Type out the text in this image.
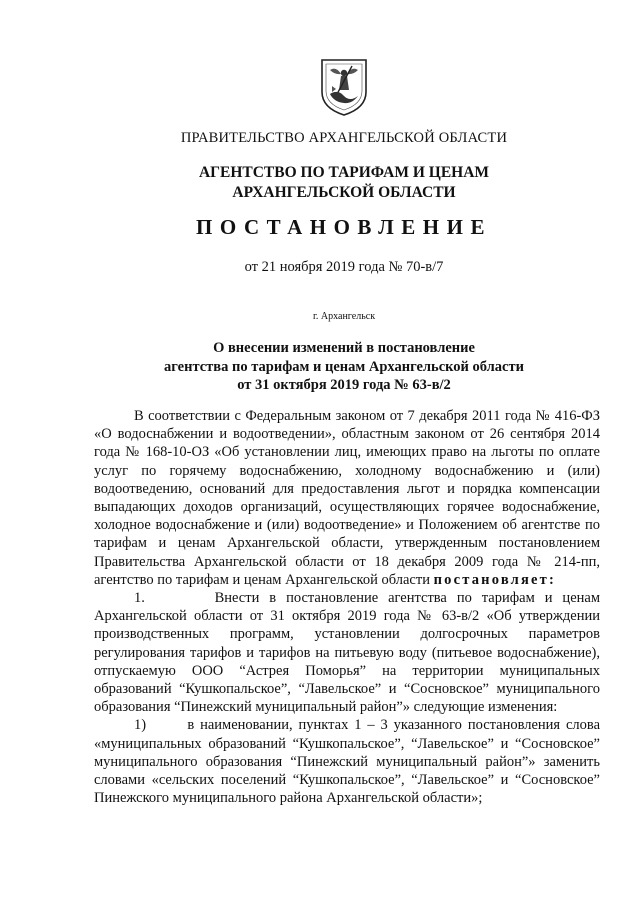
ПРАВИТЕЛЬСТВО АРХАНГЕЛЬСКОЙ ОБЛАСТИ
АГЕНТСТВО ПО ТАРИФАМ И ЦЕНАМ
АРХАНГЕЛЬСКОЙ ОБЛАСТИ
ПОСТАНОВЛЕНИЕ
от 21 ноября 2019 года № 70-в/7
г. Архангельск
О внесении изменений в постановление
агентства по тарифам и ценам Архангельской области
от 31 октября 2019 года № 63-в/2

В соответствии с Федеральным законом от 7 декабря 2011 года № 416-ФЗ «О водоснабжении и водоотведении», областным законом от 26 сентября 2014 года № 168-10-ОЗ «Об установлении лиц, имеющих право на льготы по оплате услуг по горячему водоснабжению, холодному водоснабжению и (или) водоотведению, оснований для предоставления льгот и порядка компенсации выпадающих доходов организаций, осуществляющих горячее водоснабжение, холодное водоснабжение и (или) водоотведение» и Положением об агентстве по тарифам и ценам Архангельской области, утвержденным постановлением Правительства Архангельской области от 18 декабря 2009 года № 214-пп, агентство по тарифам и ценам Архангельской области постановляет:

1.	Внести в постановление агентства по тарифам и ценам Архангельской области от 31 октября 2019 года № 63-в/2 «Об утверждении производственных программ, установлении долгосрочных параметров регулирования тарифов и тарифов на питьевую воду (питьевое водоснабжение), отпускаемую ООО “Астрея Поморья” на территории муниципальных образований “Кушкопальское”, “Лавельское” и “Сосновское” муниципального образования “Пинежский муниципальный район”» следующие изменения:

1)	в наименовании, пунктах 1 – 3 указанного постановления слова «муниципальных образований “Кушкопальское”, “Лавельское” и “Сосновское” муниципального образования “Пинежский муниципальный район”» заменить словами «сельских поселений “Кушкопальское”, “Лавельское” и “Сосновское” Пинежского муниципального района Архангельской области»;
